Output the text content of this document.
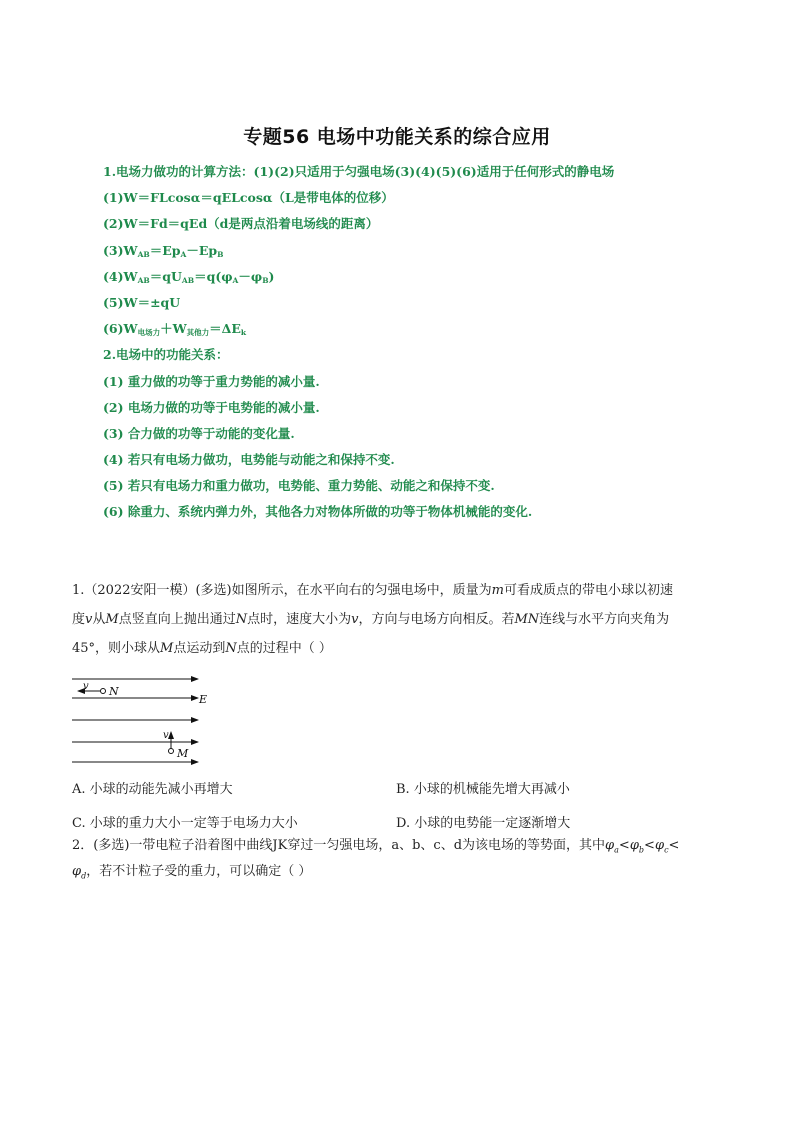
专题56 电场中功能关系的综合应用
1.电场力做功的计算方法：(1)(2)只适用于匀强电场(3)(4)(5)(6)适用于任何形式的静电场
(1)W＝FLcosα＝qELcosα（L是带电体的位移）
(2)W＝Fd＝qEd（d是两点沿着电场线的距离）
$(3)W_{AB}=Ep_A-Ep_B$
$(4)W_{AB}=qU_{AB}=q(\varphi_A-\varphi_B)$
(5)W＝±qU
$(6)W_{电场力}+W_{其他力}=\Delta E_k$
2.电场中的功能关系：
(1) 重力做的功等于重力势能的减小量.
(2) 电场力做的功等于电势能的减小量.
(3) 合力做的功等于动能的变化量.
(4) 若只有电场力做功，电势能与动能之和保持不变.
(5) 若只有电场力和重力做功，电势能、重力势能、动能之和保持不变.
(6) 除重力、系统内弹力外，其他各力对物体所做的功等于物体机械能的变化.
1.（2022安阳一模）(多选)如图所示，在水平向右的匀强电场中，质量为m可看成质点的带电小球以初速
度v从M点竖直向上抛出通过N点时，速度大小为v，方向与电场方向相反。若MN连线与水平方向夹角为
45°，则小球从M点运动到N点的过程中（ ）
v N
E
v
M
A. 小球的动能先减小再增大	B. 小球的机械能先增大再减小
C. 小球的重力大小一定等于电场力大小	D. 小球的电势能一定逐渐增大
2．(多选)一带电粒子沿着图中曲线JK穿过一匀强电场，a、b、c、d为该电场的等势面，其中$\varphi_a<\varphi_b<\varphi_c<$
$\varphi_d$，若不计粒子受的重力，可以确定（ ）
